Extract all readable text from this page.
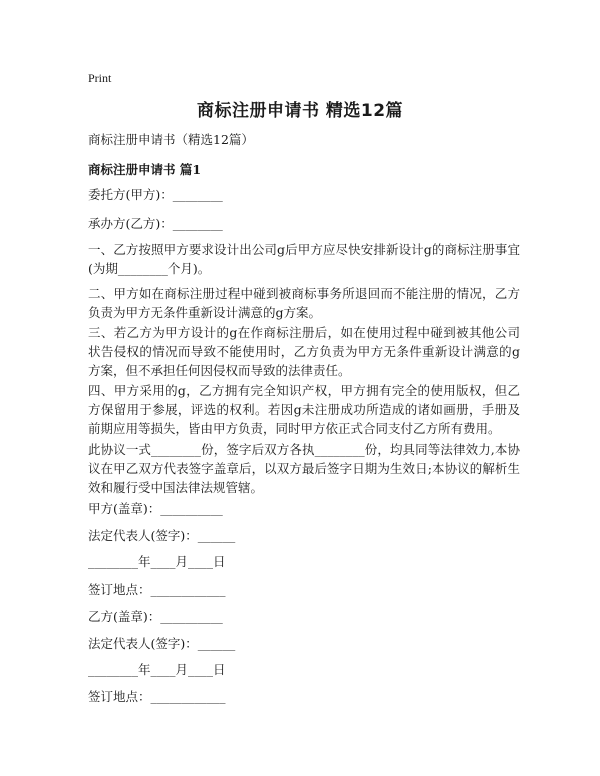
Print
商标注册申请书 精选12篇
商标注册申请书（精选12篇）
商标注册申请书 篇1

委托方(甲方)：________

承办方(乙方)：________

一、乙方按照甲方要求设计出公司g后甲方应尽快安排新设计g的商标注册事宜(为期________个月)。

二、甲方如在商标注册过程中碰到被商标事务所退回而不能注册的情况，乙方负责为甲方无条件重新设计满意的g方案。

三、若乙方为甲方设计的g在作商标注册后，如在使用过程中碰到被其他公司状告侵权的情况而导致不能使用时，乙方负责为甲方无条件重新设计满意的g方案，但不承担任何因侵权而导致的法律责任。

四、甲方采用的g，乙方拥有完全知识产权，甲方拥有完全的使用版权，但乙方保留用于参展，评选的权利。若因g未注册成功所造成的诸如画册，手册及前期应用等损失，皆由甲方负责，同时甲方依正式合同支付乙方所有费用。

此协议一式________份，签字后双方各执________份，均具同等法律效力,本协议在甲乙双方代表签字盖章后，以双方最后签字日期为生效日;本协议的解析生效和履行受中国法律法规管辖。

甲方(盖章)：__________

法定代表人(签字)：______

________年____月____日

签订地点：____________

乙方(盖章)：__________

法定代表人(签字)：______

________年____月____日

签订地点：____________
